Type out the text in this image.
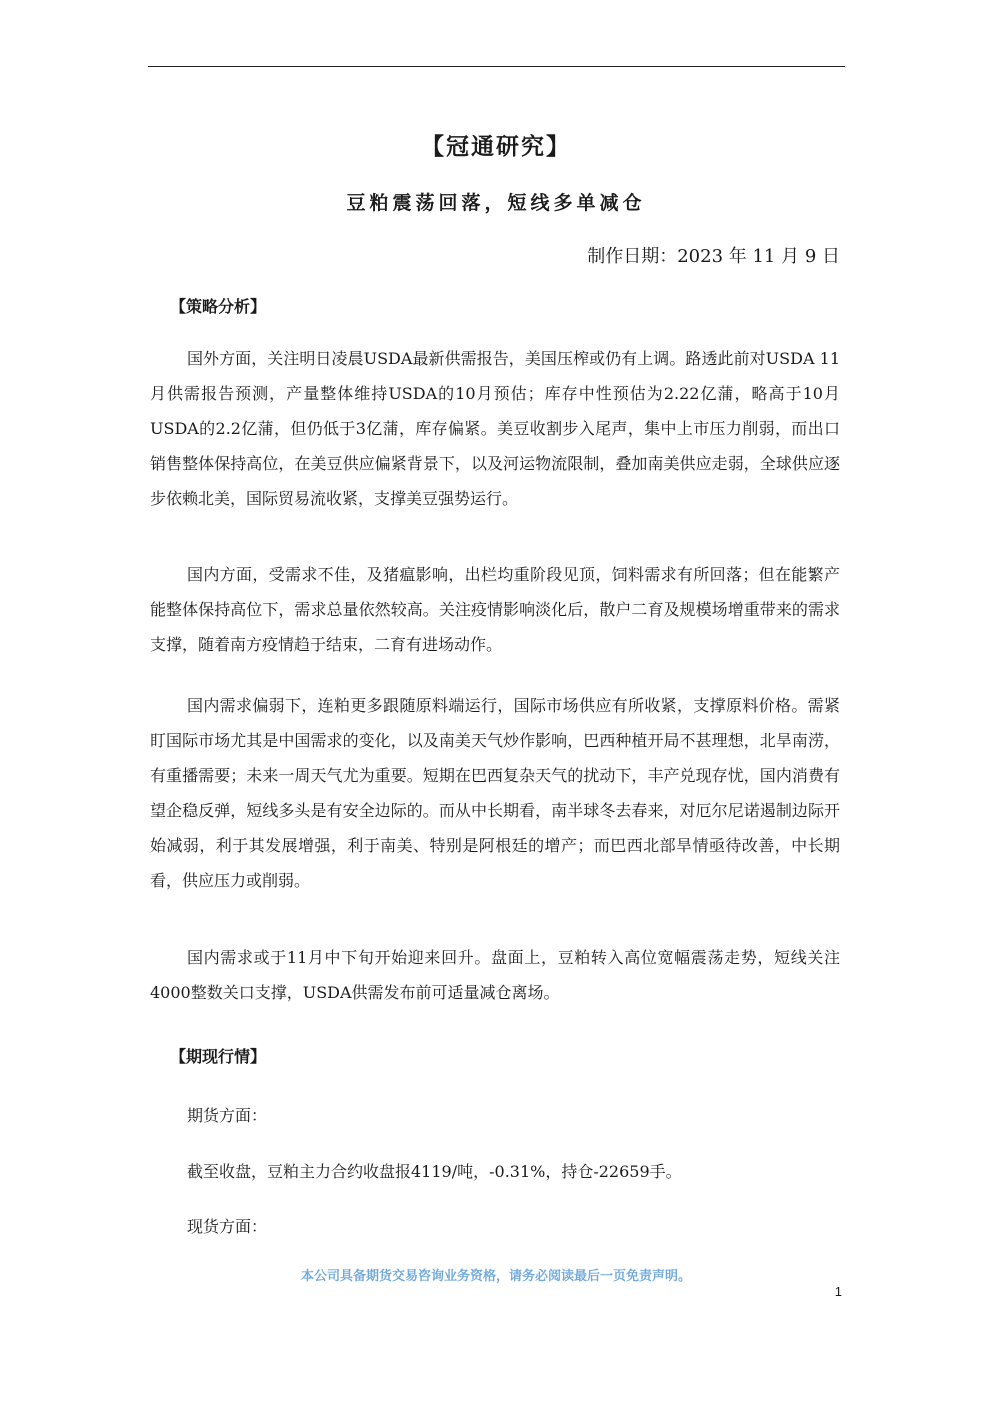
【冠通研究】
豆粕震荡回落，短线多单减仓
制作日期：2023 年 11 月 9 日
【策略分析】

国外方面，关注明日凌晨USDA最新供需报告，美国压榨或仍有上调。路透此前对USDA 11月供需报告预测，产量整体维持USDA的10月预估；库存中性预估为2.22亿蒲，略高于10月USDA的2.2亿蒲，但仍低于3亿蒲，库存偏紧。美豆收割步入尾声，集中上市压力削弱，而出口销售整体保持高位，在美豆供应偏紧背景下，以及河运物流限制，叠加南美供应走弱，全球供应逐步依赖北美，国际贸易流收紧，支撑美豆强势运行。

国内方面，受需求不佳，及猪瘟影响，出栏均重阶段见顶，饲料需求有所回落；但在能繁产能整体保持高位下，需求总量依然较高。关注疫情影响淡化后，散户二育及规模场增重带来的需求支撑，随着南方疫情趋于结束，二育有进场动作。

国内需求偏弱下，连粕更多跟随原料端运行，国际市场供应有所收紧，支撑原料价格。需紧盯国际市场尤其是中国需求的变化，以及南美天气炒作影响，巴西种植开局不甚理想，北旱南涝，有重播需要；未来一周天气尤为重要。短期在巴西复杂天气的扰动下，丰产兑现存忧，国内消费有望企稳反弹，短线多头是有安全边际的。而从中长期看，南半球冬去春来，对厄尔尼诺遏制边际开始减弱，利于其发展增强，利于南美、特别是阿根廷的增产；而巴西北部旱情亟待改善，中长期看，供应压力或削弱。

国内需求或于11月中下旬开始迎来回升。盘面上，豆粕转入高位宽幅震荡走势，短线关注4000整数关口支撑，USDA供需发布前可适量减仓离场。

【期现行情】
期货方面：
截至收盘，豆粕主力合约收盘报4119/吨，-0.31%，持仓-22659手。
现货方面：
本公司具备期货交易咨询业务资格，请务必阅读最后一页免责声明。
1
